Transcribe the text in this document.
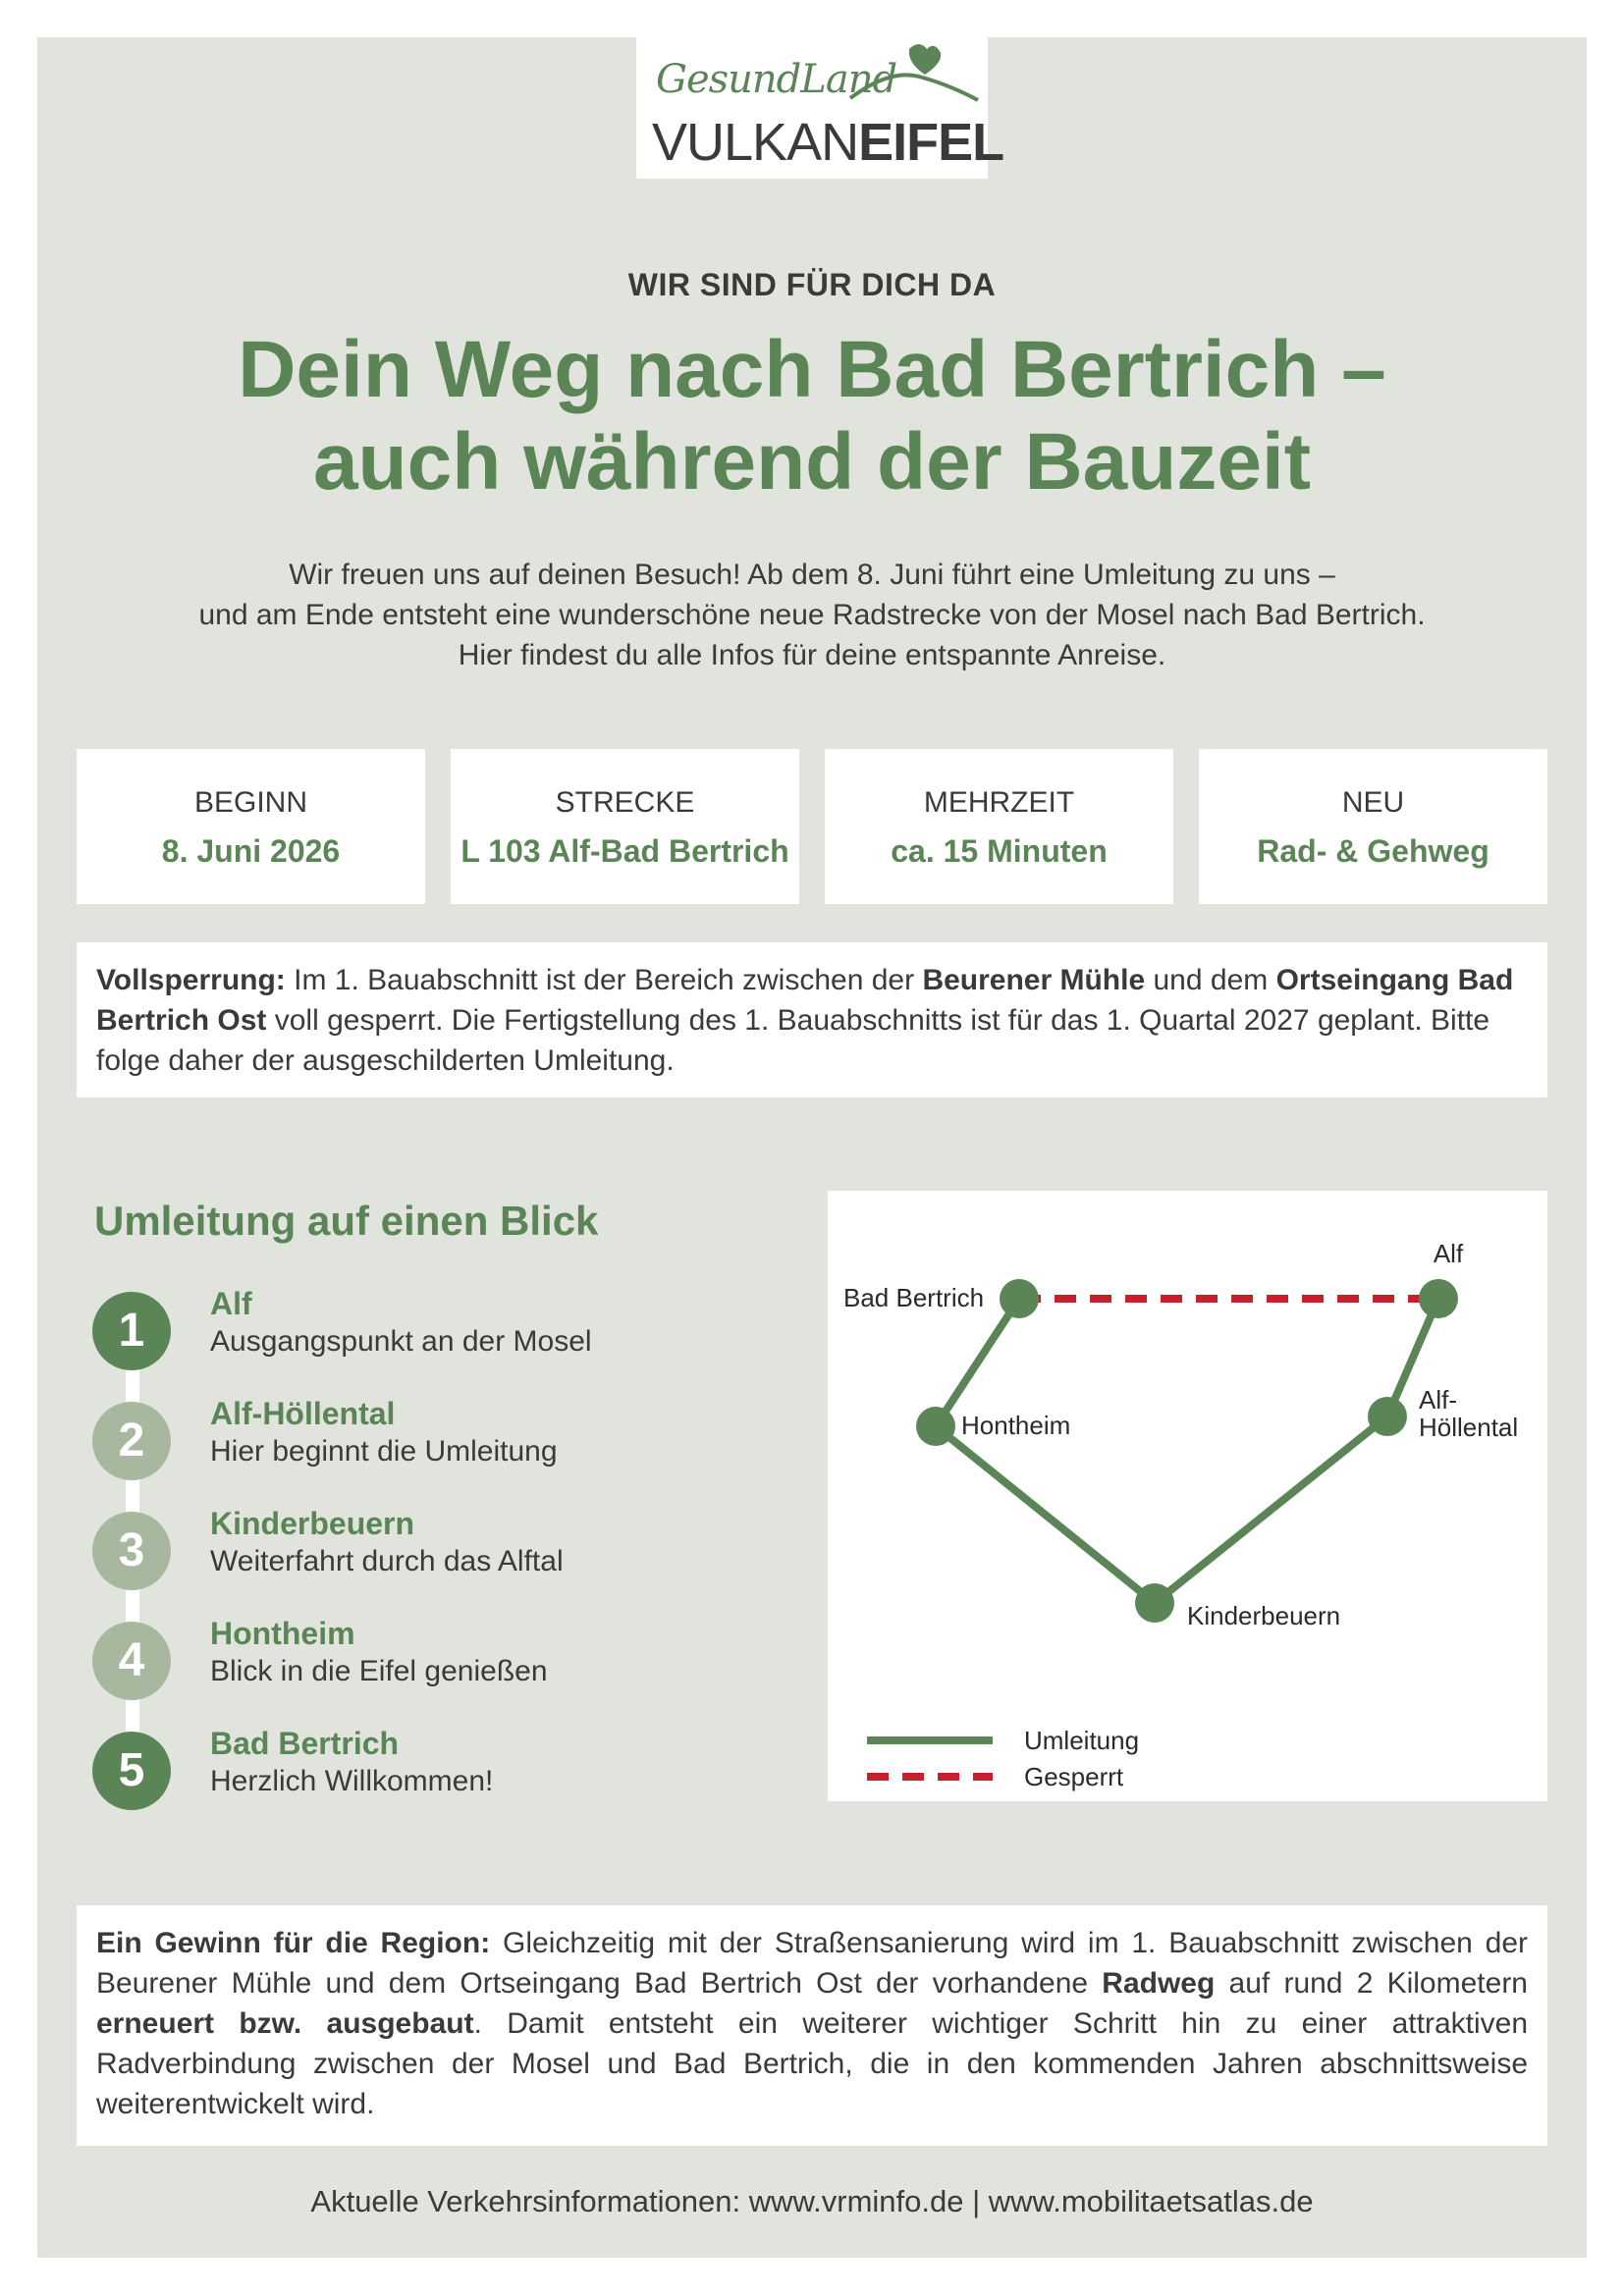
GesundLand
VULKANEIFEL
WIR SIND FÜR DICH DA
Dein Weg nach Bad Bertrich –
auch während der Bauzeit
Wir freuen uns auf deinen Besuch! Ab dem 8. Juni führt eine Umleitung zu uns –
und am Ende entsteht eine wunderschöne neue Radstrecke von der Mosel nach Bad Bertrich.
Hier findest du alle Infos für deine entspannte Anreise.
BEGINN
8. Juni 2026
STRECKE
L 103 Alf-Bad Bertrich
MEHRZEIT
ca. 15 Minuten
NEU
Rad- & Gehweg
Vollsperrung: Im 1. Bauabschnitt ist der Bereich zwischen der Beurener Mühle und dem Ortseingang Bad Bertrich Ost voll gesperrt. Die Fertigstellung des 1. Bauabschnitts ist für das 1. Quartal 2027 geplant. Bitte folge daher der ausgeschilderten Umleitung.
Umleitung auf einen Blick
1
Alf
Ausgangspunkt an der Mosel
2
Alf-Höllental
Hier beginnt die Umleitung
3
Kinderbeuern
Weiterfahrt durch das Alftal
4
Hontheim
Blick in die Eifel genießen
5
Bad Bertrich
Herzlich Willkommen!
Bad Bertrich
Alf
Hontheim
Alf-
Höllental
Kinderbeuern
Umleitung
Gesperrt
Ein Gewinn für die Region: Gleichzeitig mit der Straßensanierung wird im 1. Bauabschnitt zwischen der Beurener Mühle und dem Ortseingang Bad Bertrich Ost der vorhandene Radweg auf rund 2 Kilometern erneuert bzw. ausgebaut. Damit entsteht ein weiterer wichtiger Schritt hin zu einer attraktiven Radverbindung zwischen der Mosel und Bad Bertrich, die in den kommenden Jahren abschnittsweise weiterentwickelt wird.
Aktuelle Verkehrsinformationen: www.vrminfo.de | www.mobilitaetsatlas.de
